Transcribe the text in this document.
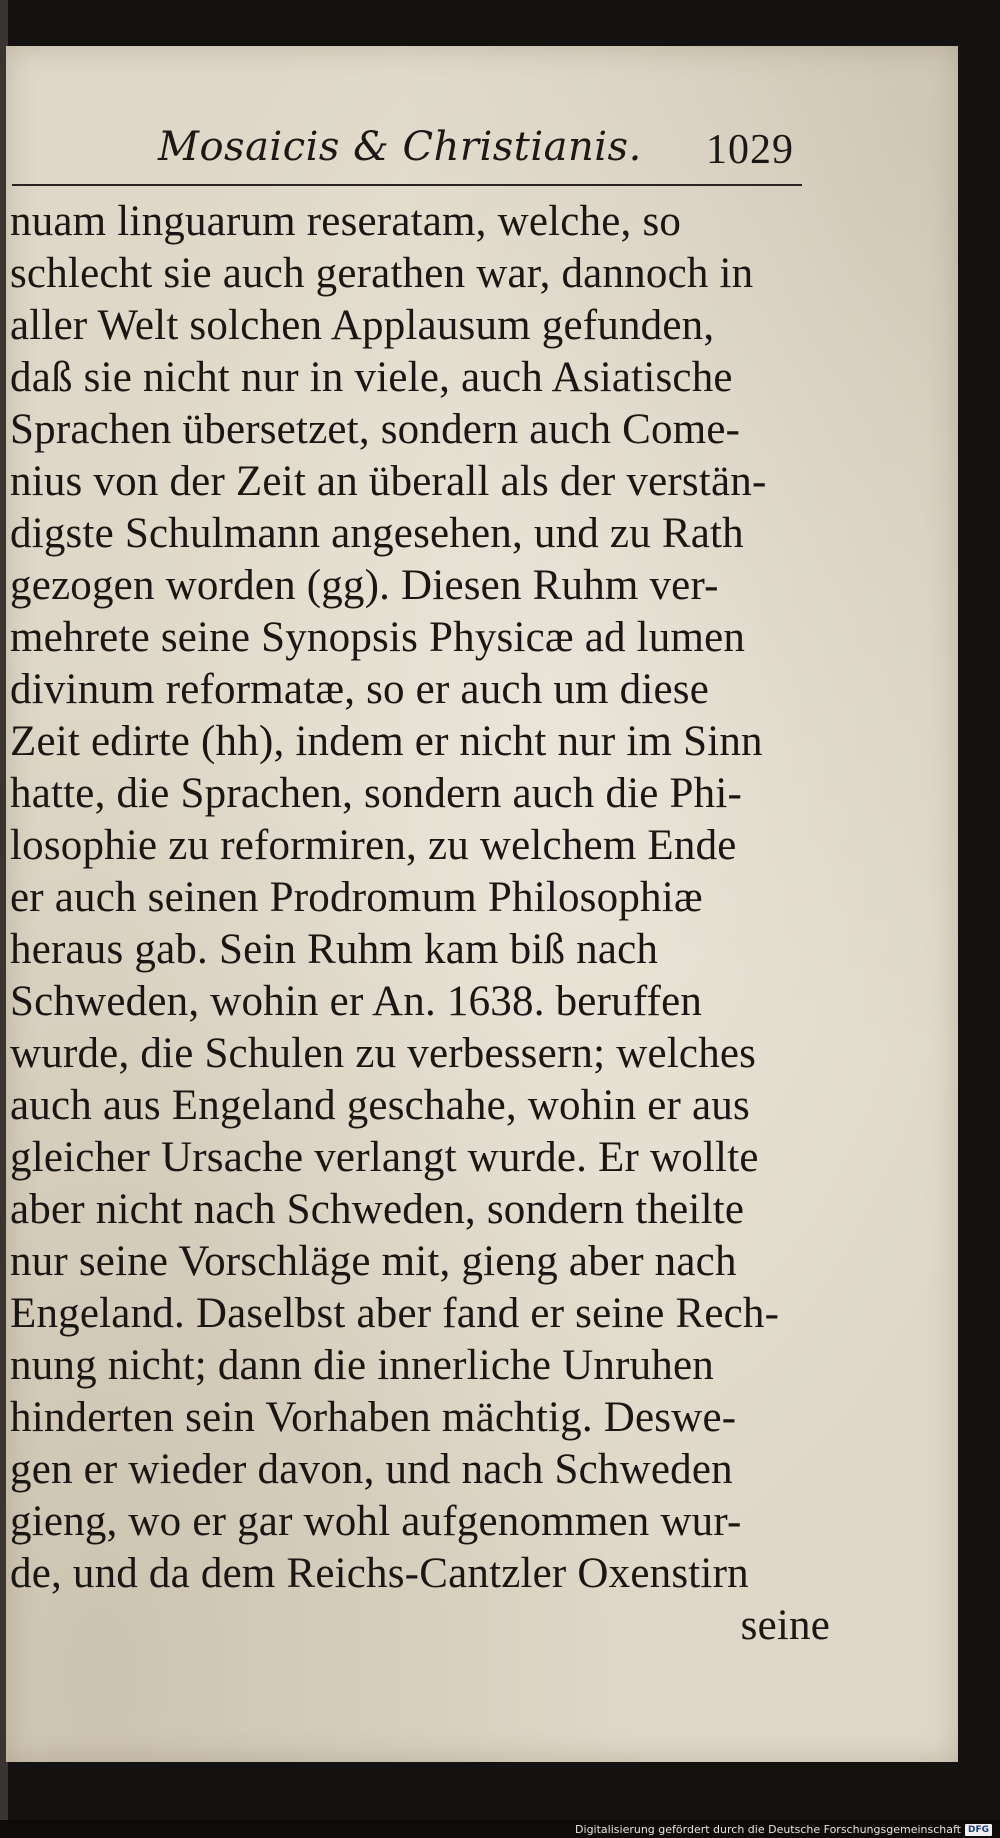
Mosaicis & Christianis. 1029
nuam linguarum reseratam, welche, so
schlecht sie auch gerathen war, dannoch in
aller Welt solchen Applausum gefunden,
daß sie nicht nur in viele, auch Asiatische
Sprachen übersetzet, sondern auch Come-
nius von der Zeit an überall als der verstän-
digste Schulmann angesehen, und zu Rath
gezogen worden (gg). Diesen Ruhm ver-
mehrete seine Synopsis Physicæ ad lumen
divinum reformatæ, so er auch um diese
Zeit edirte (hh), indem er nicht nur im Sinn
hatte, die Sprachen, sondern auch die Phi-
losophie zu reformiren, zu welchem Ende
er auch seinen Prodromum Philosophiæ
heraus gab. Sein Ruhm kam biß nach
Schweden, wohin er An. 1638. beruffen
wurde, die Schulen zu verbessern; welches
auch aus Engeland geschahe, wohin er aus
gleicher Ursache verlangt wurde. Er wollte
aber nicht nach Schweden, sondern theilte
nur seine Vorschläge mit, gieng aber nach
Engeland. Daselbst aber fand er seine Rech-
nung nicht; dann die innerliche Unruhen
hinderten sein Vorhaben mächtig. Deswe-
gen er wieder davon, und nach Schweden
gieng, wo er gar wohl aufgenommen wur-
de, und da dem Reichs-Cantzler Oxenstirn
seine
Digitalisierung gefördert durch die Deutsche Forschungsgemeinschaft DFG
